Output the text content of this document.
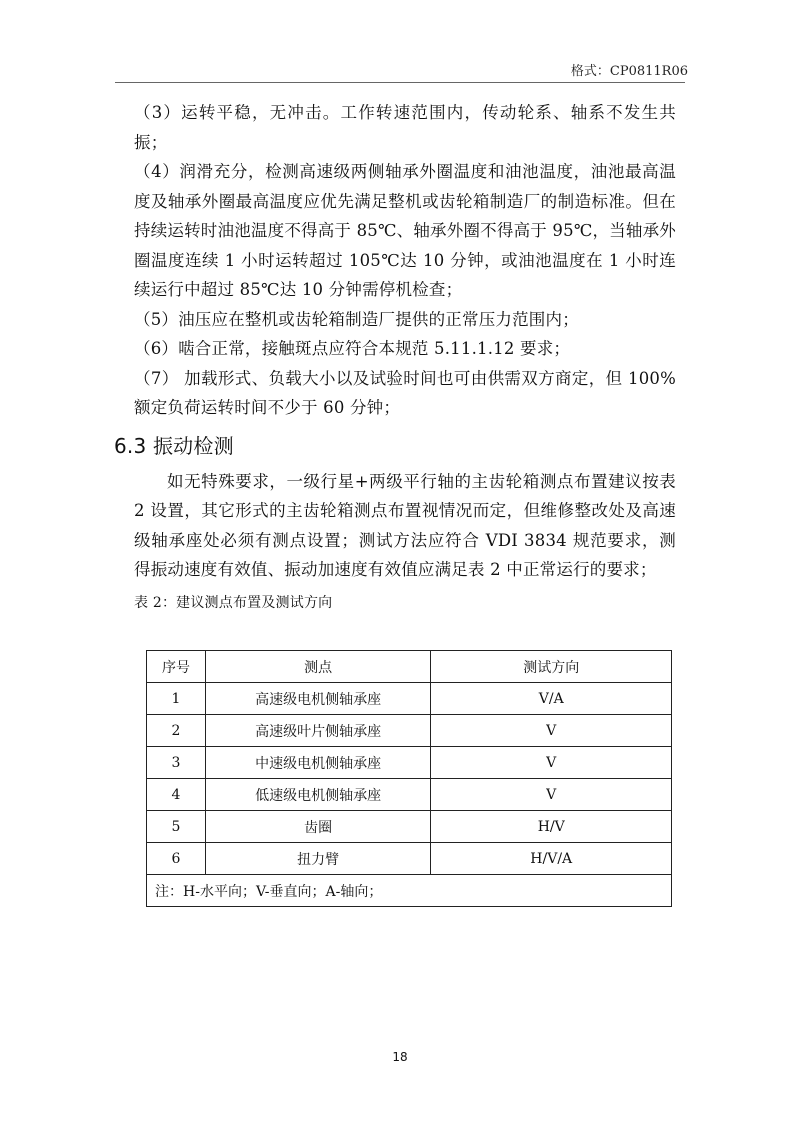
格式：CP0811R06

（3）运转平稳，无冲击。工作转速范围内，传动轮系、轴系不发生共振；

（4）润滑充分，检测高速级两侧轴承外圈温度和油池温度，油池最高温度及轴承外圈最高温度应优先满足整机或齿轮箱制造厂的制造标准。但在持续运转时油池温度不得高于 85℃、轴承外圈不得高于 95℃，当轴承外圈温度连续 1 小时运转超过 105℃达 10 分钟，或油池温度在 1 小时连续运行中超过 85℃达 10 分钟需停机检查；

（5）油压应在整机或齿轮箱制造厂提供的正常压力范围内；

（6）啮合正常，接触斑点应符合本规范 5.11.1.12 要求；

（7） 加载形式、负载大小以及试验时间也可由供需双方商定，但 100%额定负荷运转时间不少于 60 分钟；

6.3 振动检测

如无特殊要求，一级行星+两级平行轴的主齿轮箱测点布置建议按表 2 设置，其它形式的主齿轮箱测点布置视情况而定，但维修整改处及高速级轴承座处必须有测点设置；测试方法应符合 VDI 3834 规范要求，测得振动速度有效值、振动加速度有效值应满足表 2 中正常运行的要求；

表 2：建议测点布置及测试方向

序号	测点	测试方向
1	高速级电机侧轴承座	V/A
2	高速级叶片侧轴承座	V
3	中速级电机侧轴承座	V
4	低速级电机侧轴承座	V
5	齿圈	H/V
6	扭力臂	H/V/A
注：H-水平向；V-垂直向；A-轴向；		
18
